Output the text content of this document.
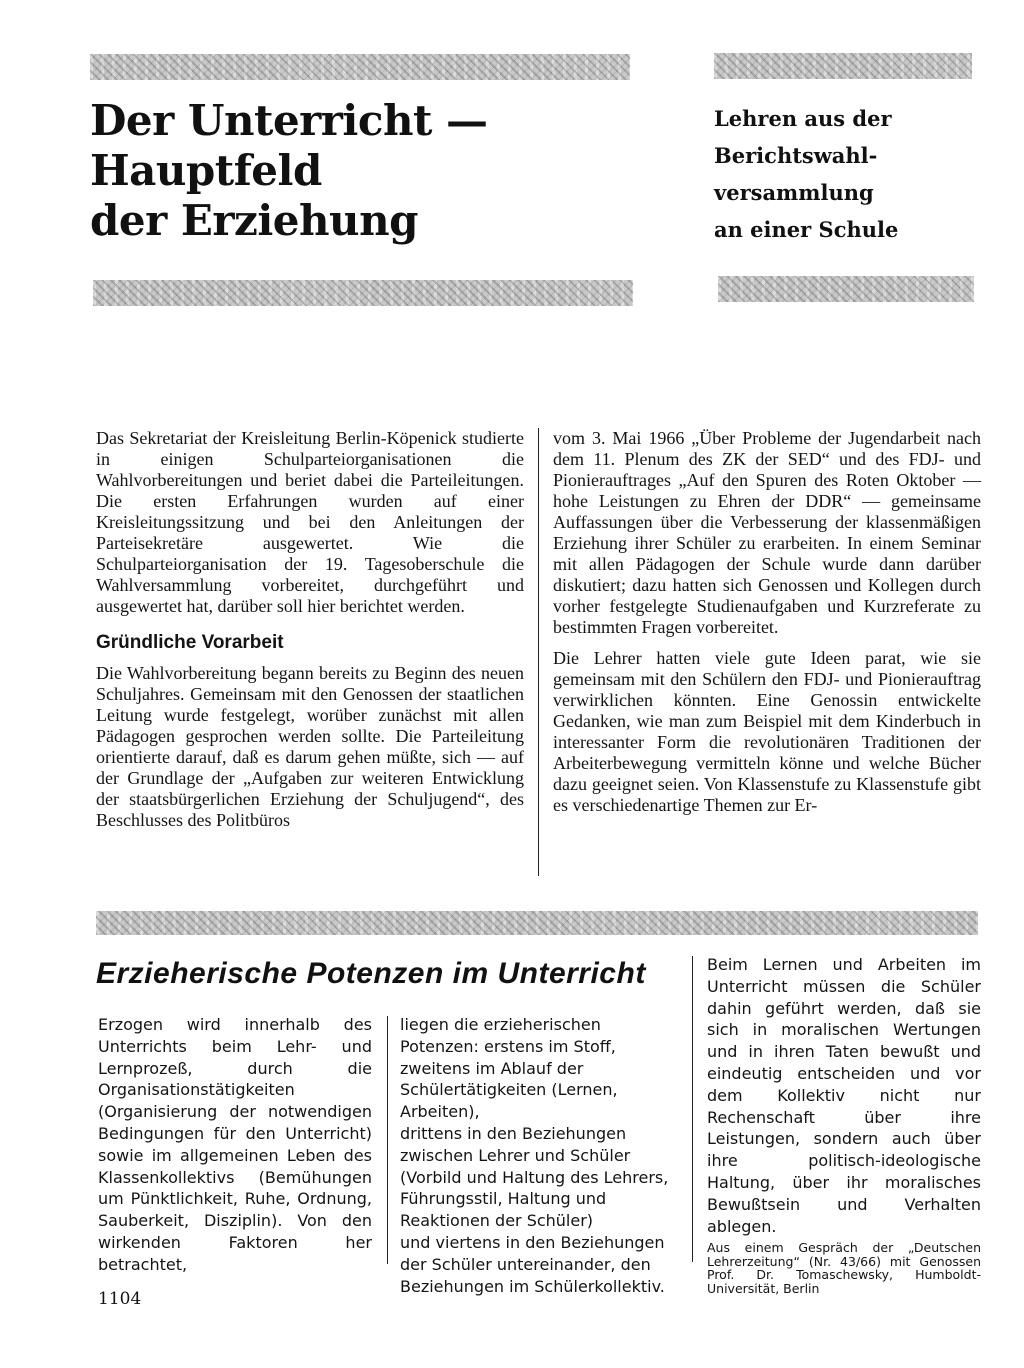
Der Unterricht —
Hauptfeld
der Erziehung
Lehren aus der
Berichtswahl-
versammlung
an einer Schule

Das Sekretariat der Kreisleitung Berlin-Köpenick studierte in einigen Schulparteiorganisationen die Wahlvorbereitungen und beriet dabei die Parteileitungen. Die ersten Erfahrungen wurden auf einer Kreisleitungssitzung und bei den Anleitungen der Parteisekretäre ausgewertet. Wie die Schulparteiorganisation der 19. Tagesoberschule die Wahlversammlung vorbereitet, durchgeführt und ausgewertet hat, darüber soll hier berichtet werden.

Gründliche Vorarbeit

Die Wahlvorbereitung begann bereits zu Beginn des neuen Schuljahres. Gemeinsam mit den Genossen der staatlichen Leitung wurde festgelegt, worüber zunächst mit allen Pädagogen gesprochen werden sollte. Die Parteileitung orientierte darauf, daß es darum gehen müßte, sich — auf der Grundlage der „Aufgaben zur weiteren Entwicklung der staatsbürgerlichen Erziehung der Schuljugend“, des Beschlusses des Politbüros

vom 3. Mai 1966 „Über Probleme der Jugendarbeit nach dem 11. Plenum des ZK der SED“ und des FDJ- und Pionierauftrages „Auf den Spuren des Roten Oktober — hohe Leistungen zu Ehren der DDR“ — gemeinsame Auffassungen über die Verbesserung der klassenmäßigen Erziehung ihrer Schüler zu erarbeiten. In einem Seminar mit allen Pädagogen der Schule wurde dann darüber diskutiert; dazu hatten sich Genossen und Kollegen durch vorher festgelegte Studienaufgaben und Kurzreferate zu bestimmten Fragen vorbereitet.

Die Lehrer hatten viele gute Ideen parat, wie sie gemeinsam mit den Schülern den FDJ- und Pionierauftrag verwirklichen könnten. Eine Genossin entwickelte Gedanken, wie man zum Beispiel mit dem Kinderbuch in interessanter Form die revolutionären Traditionen der Arbeiterbewegung vermitteln könne und welche Bücher dazu geeignet seien. Von Klassenstufe zu Klassenstufe gibt es verschiedenartige Themen zur Er-

Erzieherische Potenzen im Unterricht

Erzogen wird innerhalb des Unterrichts beim Lehr- und Lernprozeß, durch die Organisationstätigkeiten (Organisierung der notwendigen Bedingungen für den Unterricht) sowie im allgemeinen Leben des Klassenkollektivs (Bemühungen um Pünktlichkeit, Ruhe, Ordnung, Sauberkeit, Disziplin). Von den wirkenden Faktoren her betrachtet,

liegen die erzieherischen Potenzen: erstens im Stoff,

zweitens im Ablauf der Schülertätigkeiten (Lernen, Arbeiten),

drittens in den Beziehungen zwischen Lehrer und Schüler (Vorbild und Haltung des Lehrers, Führungsstil, Haltung und Reaktionen der Schüler)

und viertens in den Beziehungen der Schüler untereinander, den Beziehungen im Schülerkollektiv.

Beim Lernen und Arbeiten im Unterricht müssen die Schüler dahin geführt werden, daß sie sich in moralischen Wertungen und in ihren Taten bewußt und eindeutig entscheiden und vor dem Kollektiv nicht nur Rechenschaft über ihre Leistungen, sondern auch über ihre politisch-ideologische Haltung, über ihr moralisches Bewußtsein und Verhalten ablegen.

Aus einem Gespräch der „Deutschen Lehrerzeitung“ (Nr. 43/66) mit Genossen Prof. Dr. Tomaschewsky, Humboldt-Universität, Berlin

1104
